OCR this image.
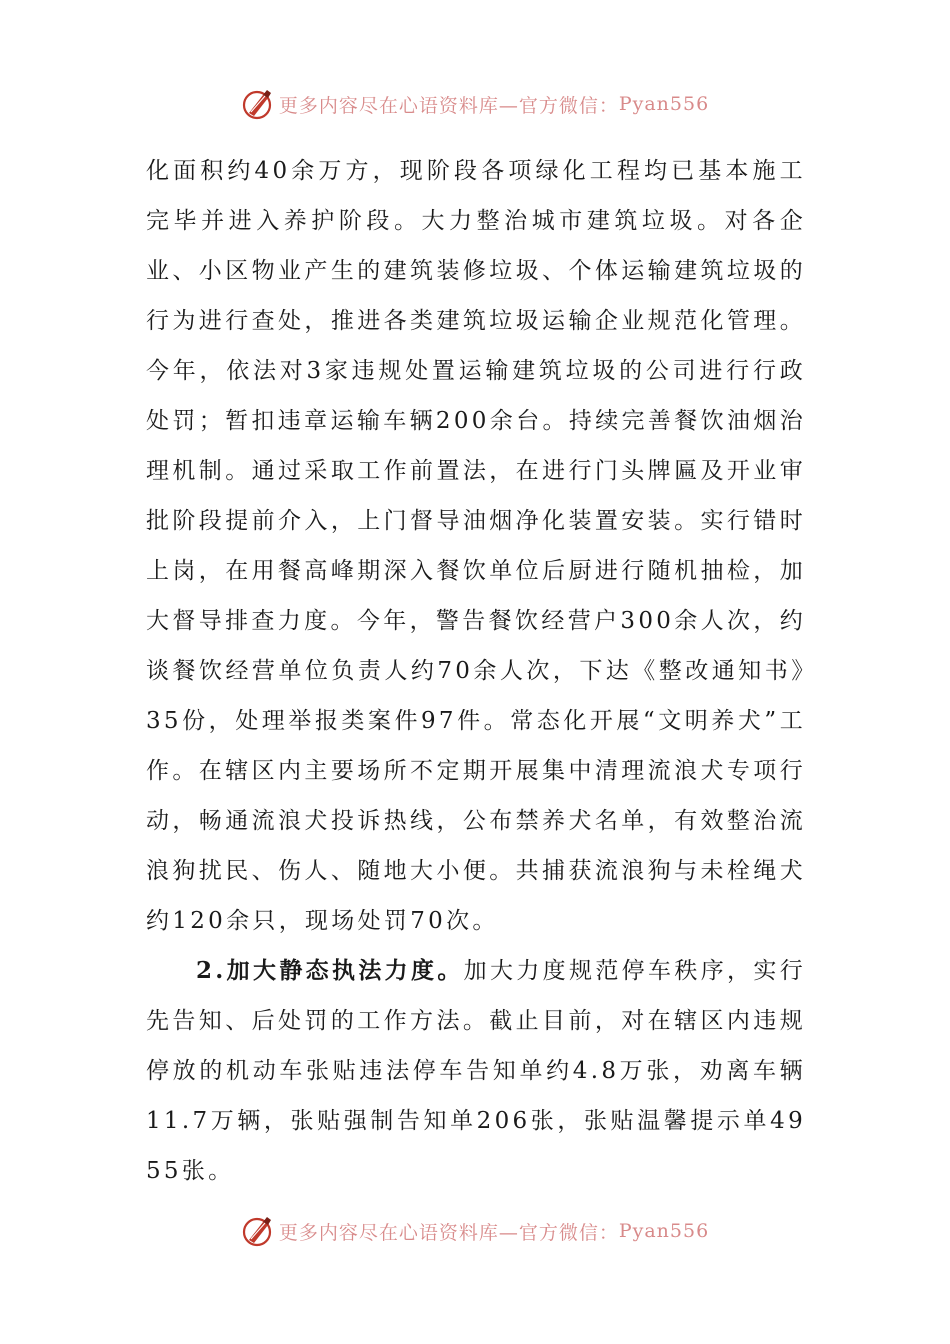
更多内容尽在心语资料库—官方微信： Pyan556

化面积约40余万方，现阶段各项绿化工程均已基本施工完毕并进入养护阶段。大力整治城市建筑垃圾。对各企业、小区物业产生的建筑装修垃圾、个体运输建筑垃圾的行为进行查处，推进各类建筑垃圾运输企业规范化管理。今年，依法对3家违规处置运输建筑垃圾的公司进行行政处罚；暂扣违章运输车辆200余台。持续完善餐饮油烟治理机制。通过采取工作前置法，在进行门头牌匾及开业审批阶段提前介入，上门督导油烟净化装置安装。实行错时上岗，在用餐高峰期深入餐饮单位后厨进行随机抽检，加大督导排查力度。今年，警告餐饮经营户300余人次，约谈餐饮经营单位负责人约70余人次，下达《整改通知书》35份，处理举报类案件97件。常态化开展“文明养犬”工作。在辖区内主要场所不定期开展集中清理流浪犬专项行动，畅通流浪犬投诉热线，公布禁养犬名单，有效整治流浪狗扰民、伤人、随地大小便。共捕获流浪狗与未栓绳犬约120余只，现场处罚70次。

2.加大静态执法力度。加大力度规范停车秩序，实行先告知、后处罚的工作方法。截止目前，对在辖区内违规停放的机动车张贴违法停车告知单约4.8万张，劝离车辆11.7万辆，张贴强制告知单206张，张贴温馨提示单4955张。

更多内容尽在心语资料库—官方微信： Pyan556
